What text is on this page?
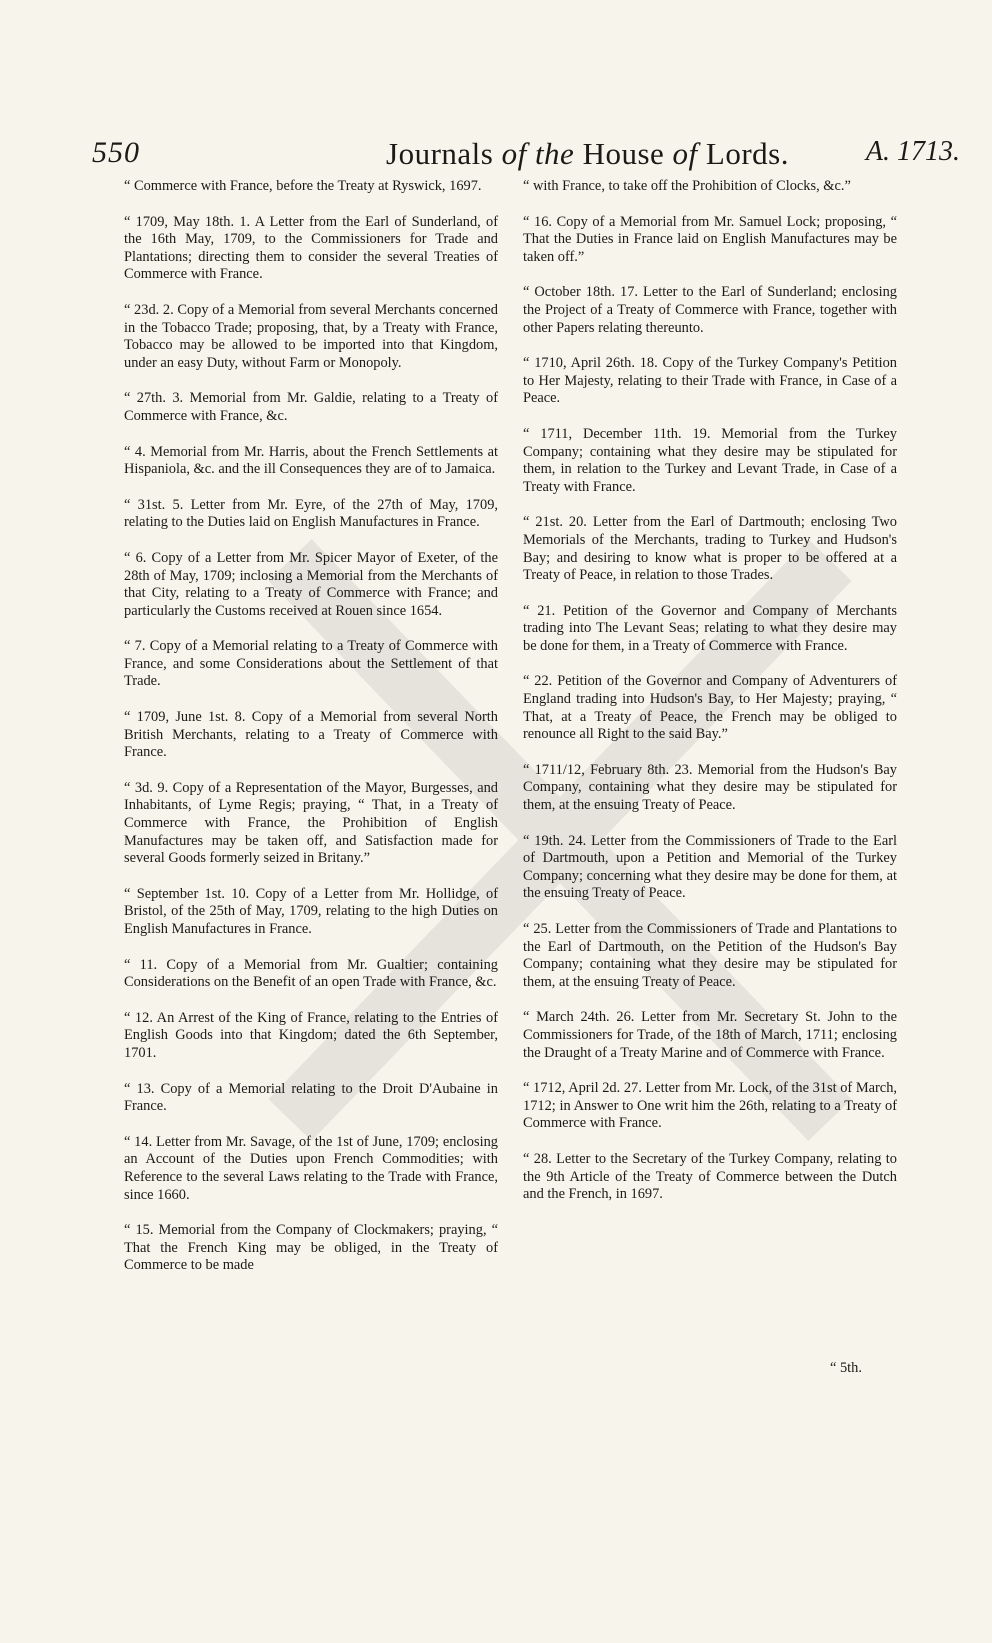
550	Journals of the House of Lords.	A. 1713.

“ Commerce with France, before the Treaty at Ryswick, 1697.

“ 1709, May 18th. 1. A Letter from the Earl of Sunderland, of the 16th May, 1709, to the Commissioners for Trade and Plantations; directing them to consider the several Treaties of Commerce with France.

“ 23d. 2. Copy of a Memorial from several Merchants concerned in the Tobacco Trade; proposing, that, by a Treaty with France, Tobacco may be allowed to be imported into that Kingdom, under an easy Duty, without Farm or Monopoly.

“ 27th. 3. Memorial from Mr. Galdie, relating to a Treaty of Commerce with France, &c.

“ 4. Memorial from Mr. Harris, about the French Settlements at Hispaniola, &c. and the ill Consequences they are of to Jamaica.

“ 31st. 5. Letter from Mr. Eyre, of the 27th of May, 1709, relating to the Duties laid on English Manufactures in France.

“ 6. Copy of a Letter from Mr. Spicer Mayor of Exeter, of the 28th of May, 1709; inclosing a Memorial from the Merchants of that City, relating to a Treaty of Commerce with France; and particularly the Customs received at Rouen since 1654.

“ 7. Copy of a Memorial relating to a Treaty of Commerce with France, and some Considerations about the Settlement of that Trade.

“ 1709, June 1st. 8. Copy of a Memorial from several North British Merchants, relating to a Treaty of Commerce with France.

“ 3d. 9. Copy of a Representation of the Mayor, Burgesses, and Inhabitants, of Lyme Regis; praying, “ That, in a Treaty of Commerce with France, the Prohibition of English Manufactures may be taken off, and Satisfaction made for several Goods formerly seized in Britany.”

“ September 1st. 10. Copy of a Letter from Mr. Hollidge, of Bristol, of the 25th of May, 1709, relating to the high Duties on English Manufactures in France.

“ 11. Copy of a Memorial from Mr. Gualtier; containing Considerations on the Benefit of an open Trade with France, &c.

“ 12. An Arrest of the King of France, relating to the Entries of English Goods into that Kingdom; dated the 6th September, 1701.

“ 13. Copy of a Memorial relating to the Droit D'Aubaine in France.

“ 14. Letter from Mr. Savage, of the 1st of June, 1709; enclosing an Account of the Duties upon French Commodities; with Reference to the several Laws relating to the Trade with France, since 1660.

“ 15. Memorial from the Company of Clockmakers; praying, “ That the French King may be obliged, in the Treaty of Commerce to be made

“ with France, to take off the Prohibition of Clocks, &c.”

“ 16. Copy of a Memorial from Mr. Samuel Lock; proposing, “ That the Duties in France laid on English Manufactures may be taken off.”

“ October 18th. 17. Letter to the Earl of Sunderland; enclosing the Project of a Treaty of Commerce with France, together with other Papers relating thereunto.

“ 1710, April 26th. 18. Copy of the Turkey Company's Petition to Her Majesty, relating to their Trade with France, in Case of a Peace.

“ 1711, December 11th. 19. Memorial from the Turkey Company; containing what they desire may be stipulated for them, in relation to the Turkey and Levant Trade, in Case of a Treaty with France.

“ 21st. 20. Letter from the Earl of Dartmouth; enclosing Two Memorials of the Merchants, trading to Turkey and Hudson's Bay; and desiring to know what is proper to be offered at a Treaty of Peace, in relation to those Trades.

“ 21. Petition of the Governor and Company of Merchants trading into The Levant Seas; relating to what they desire may be done for them, in a Treaty of Commerce with France.

“ 22. Petition of the Governor and Company of Adventurers of England trading into Hudson's Bay, to Her Majesty; praying, “ That, at a Treaty of Peace, the French may be obliged to renounce all Right to the said Bay.”

“ 1711/12, February 8th. 23. Memorial from the Hudson's Bay Company, containing what they desire may be stipulated for them, at the ensuing Treaty of Peace.

“ 19th. 24. Letter from the Commissioners of Trade to the Earl of Dartmouth, upon a Petition and Memorial of the Turkey Company; concerning what they desire may be done for them, at the ensuing Treaty of Peace.

“ 25. Letter from the Commissioners of Trade and Plantations to the Earl of Dartmouth, on the Petition of the Hudson's Bay Company; containing what they desire may be stipulated for them, at the ensuing Treaty of Peace.

“ March 24th. 26. Letter from Mr. Secretary St. John to the Commissioners for Trade, of the 18th of March, 1711; enclosing the Draught of a Treaty Marine and of Commerce with France.

“ 1712, April 2d. 27. Letter from Mr. Lock, of the 31st of March, 1712; in Answer to One writ him the 26th, relating to a Treaty of Commerce with France.

“ 28. Letter to the Secretary of the Turkey Company, relating to the 9th Article of the Treaty of Commerce between the Dutch and the French, in 1697.

“ 5th.
